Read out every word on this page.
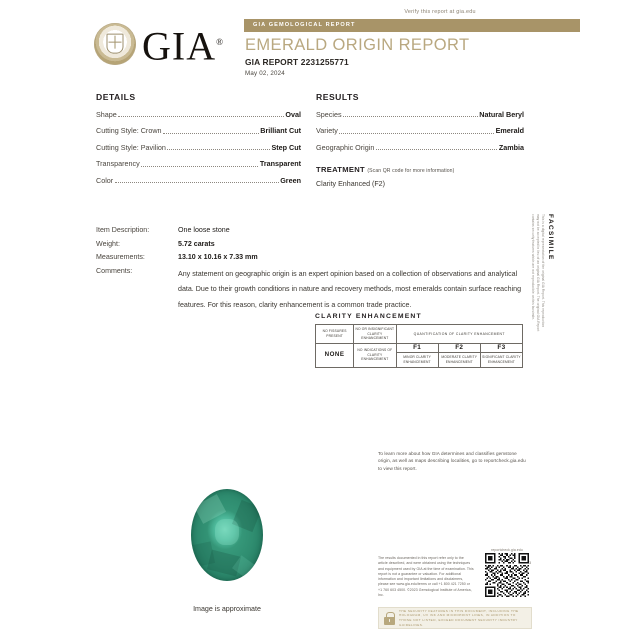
Verify this report at gia.edu
GIA®
GIA GEMOLOGICAL REPORT
EMERALD ORIGIN REPORT
GIA REPORT 2231255771
May 02, 2024
DETAILS
Shape	Oval
Cutting Style: Crown	Brilliant Cut
Cutting Style: Pavilion	Step Cut
Transparency	Transparent
Color	Green
RESULTS
Species	Natural Beryl
Variety	Emerald
Geographic Origin	Zambia
TREATMENT (Scan QR code for more information)
Clarity Enhanced (F2)
Item Description:	One loose stone
Weight:	5.72 carats
Measurements:	13.10 x 10.16 x 7.33 mm
Comments:	Any statement on geographic origin is an expert opinion based on a collection of observations and analytical data. Due to their growth conditions in nature and recovery methods, most emeralds contain surface reaching features. For this reason, clarity enhancement is a common trade practice.
FACSIMILE
This is a digital representation of the original GIA Report. This reproduction may not be accepted in lieu of an original GIA Report. The original GIA Report contains security features which are not reproducible on this facsimile.
CLARITY ENHANCEMENT
NO FISSURES PRESENT	NO OR INSIGNIFICANT CLARITY ENHANCEMENT	QUANTIFICATION OF CLARITY ENHANCEMENT		
NONE	NO INDICATIONS OF CLARITY ENHANCEMENT	F1	F2	F3
		MINOR CLARITY ENHANCEMENT	MODERATE CLARITY ENHANCEMENT	SIGNIFICANT CLARITY ENHANCEMENT
To learn more about how GIA determines and classifies gemstone origin, as well as maps describing localities, go to reportcheck.gia.edu to view this report.
The results documented in this report refer only to the article described, and were obtained using the techniques and equipment used by GIA at the time of examination. This report is not a guarantee or valuation. For additional information and important limitations and disclaimers, please see www.gia.edu/terms or call +1 800 421 7250 or +1 760 603 4500. ©2023 Gemological Institute of America, Inc.
reportcheck.gia.edu
3
THE SECURITY FEATURES IN THIS DOCUMENT, INCLUDING THE HOLOGRAM, UV INK AND MICROPRINT LINES, IN ADDITION TO THOSE NOT LISTED, EXCEED DOCUMENT SECURITY INDUSTRY GUIDELINES.
Image is approximate
